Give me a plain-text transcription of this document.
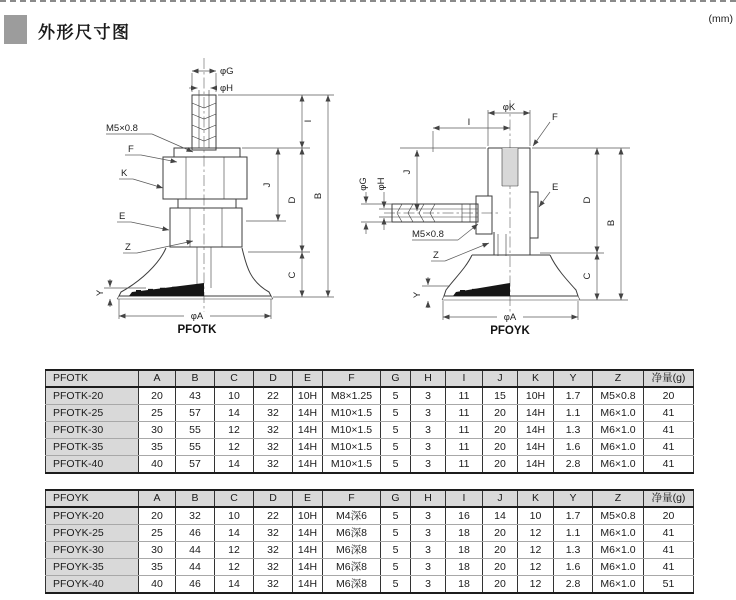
外形尺寸图
(mm)
φG
φH
I
J
D
C
B
Y
φA
PFOTK
M5×0.8
F
K
E
Z
φK
F
I
J
φG φH
M5×0.8
Z
E
D
C
B
Y
φA
PFOYK
PFOTK	A	B	C	D	E	F	G	H	I	J	K	Y	Z	净量(g)
PFOTK-20	20	43	10	22	10H	M8×1.25	5	3	11	15	10H	1.7	M5×0.8	20
PFOTK-25	25	57	14	32	14H	M10×1.5	5	3	11	20	14H	1.1	M6×1.0	41
PFOTK-30	30	55	12	32	14H	M10×1.5	5	3	11	20	14H	1.3	M6×1.0	41
PFOTK-35	35	55	12	32	14H	M10×1.5	5	3	11	20	14H	1.6	M6×1.0	41
PFOTK-40	40	57	14	32	14H	M10×1.5	5	3	11	20	14H	2.8	M6×1.0	41
PFOYK	A	B	C	D	E	F	G	H	I	J	K	Y	Z	净量(g)
PFOYK-20	20	32	10	22	10H	M4深6	5	3	16	14	10	1.7	M5×0.8	20
PFOYK-25	25	46	14	32	14H	M6深8	5	3	18	20	12	1.1	M6×1.0	41
PFOYK-30	30	44	12	32	14H	M6深8	5	3	18	20	12	1.3	M6×1.0	41
PFOYK-35	35	44	12	32	14H	M6深8	5	3	18	20	12	1.6	M6×1.0	41
PFOYK-40	40	46	14	32	14H	M6深8	5	3	18	20	12	2.8	M6×1.0	51
